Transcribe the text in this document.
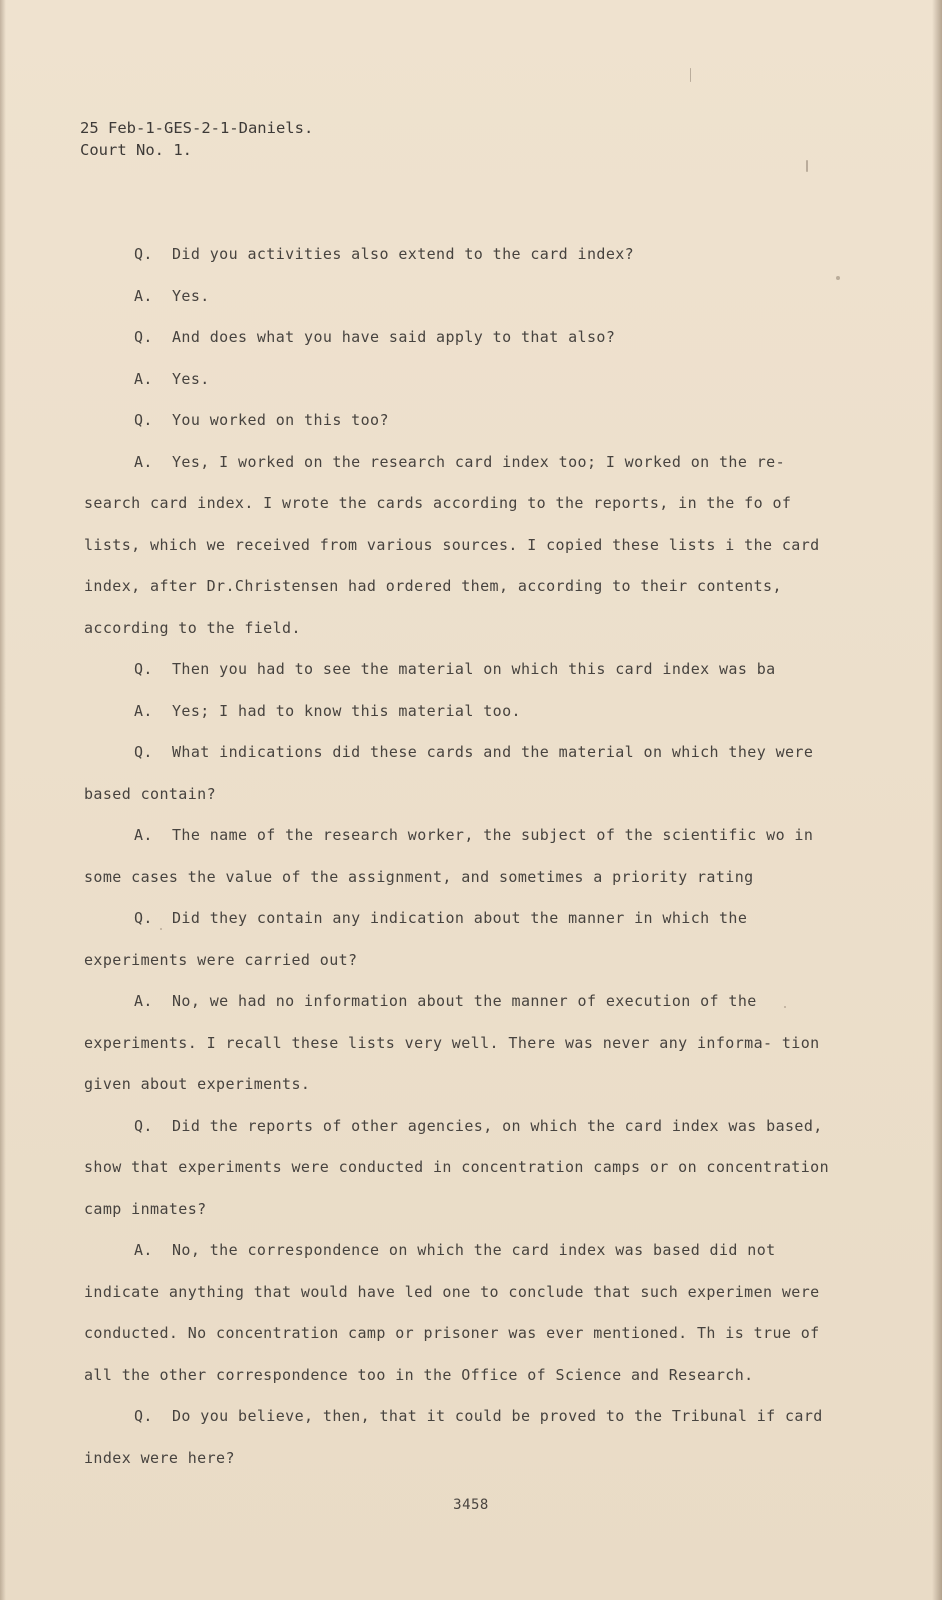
25 Feb-1-GES-2-1-Daniels.
Court No. 1.

Q. Did you activities also extend to the card index?

A. Yes.

Q. And does what you have said apply to that also?

A. Yes.

Q. You worked on this too?

A. Yes, I worked on the research card index too; I worked on the re- search card index. I wrote the cards according to the reports, in the fo of lists, which we received from various sources. I copied these lists i the card index, after Dr.Christensen had ordered them, according to their contents, according to the field.

Q. Then you had to see the material on which this card index was ba

A. Yes; I had to know this material too.

Q. What indications did these cards and the material on which they were based contain?

A. The name of the research worker, the subject of the scientific wo in some cases the value of the assignment, and sometimes a priority rating

Q. Did they contain any indication about the manner in which the experiments were carried out?

A. No, we had no information about the manner of execution of the experiments. I recall these lists very well. There was never any informa- tion given about experiments.

Q. Did the reports of other agencies, on which the card index was based, show that experiments were conducted in concentration camps or on concentration camp inmates?

A. No, the correspondence on which the card index was based did not indicate anything that would have led one to conclude that such experimen were conducted. No concentration camp or prisoner was ever mentioned. Th is true of all the other correspondence too in the Office of Science and Research.

Q. Do you believe, then, that it could be proved to the Tribunal if card index were here?

3458
